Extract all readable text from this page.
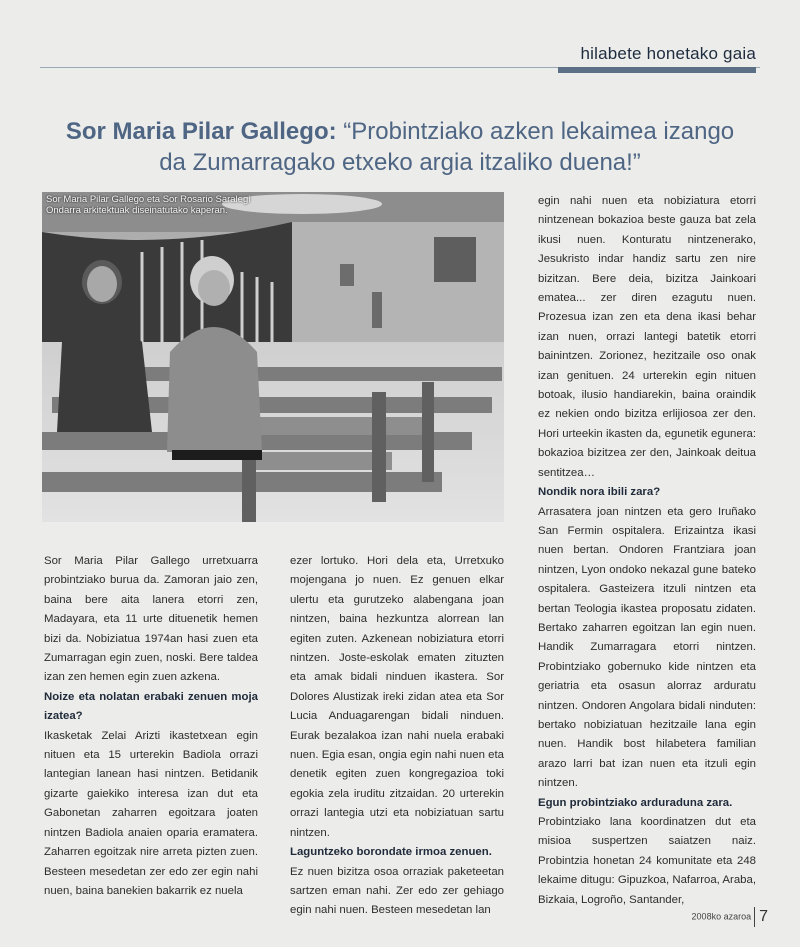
hilabete honetako gaia
Sor Maria Pilar Gallego: “Probintziako azken lekaimea izango
da Zumarragako etxeko argia itzaliko duena!”
Sor Maria Pilar Gallego eta Sor Rosario Saralegi
Ondarra arkitektuak diseinatutako kaperan.

Sor Maria Pilar Gallego urretxuarra probintziako burua da. Zamoran jaio zen, baina bere aita lanera etorri zen, Madayara, eta 11 urte dituenetik hemen bizi da. Nobiziatua 1974an hasi zuen eta Zumarragan egin zuen, noski. Bere taldea izan zen hemen egin zuen azkena.

Noize eta nolatan erabaki zenuen moja izatea?

Ikasketak Zelai Arizti ikastetxean egin nituen eta 15 urterekin Badiola orrazi lantegian lanean hasi nintzen. Betidanik gizarte gaiekiko interesa izan dut eta Gabonetan zaharren egoitzara joaten nintzen Badiola anaien oparia eramatera. Zaharren egoitzak nire arreta pizten zuen. Besteen mesedetan zer edo zer egin nahi nuen, baina banekien bakarrik ez nuela

ezer lortuko. Hori dela eta, Urretxuko mojengana jo nuen. Ez genuen elkar ulertu eta gurutzeko alabengana joan nintzen, baina hezkuntza alorrean lan egiten zuten. Azkenean nobiziatura etorri nintzen. Joste-eskolak ematen zituzten eta amak bidali ninduen ikastera. Sor Dolores Alustizak ireki zidan atea eta Sor Lucia Anduagarengan bidali ninduen. Eurak bezalakoa izan nahi nuela erabaki nuen. Egia esan, ongia egin nahi nuen eta denetik egiten zuen kongregazioa toki egokia zela iruditu zitzaidan. 20 urterekin orrazi lantegia utzi eta nobiziatuan sartu nintzen.

Laguntzeko borondate irmoa zenuen.

Ez nuen bizitza osoa orraziak paketeetan sartzen eman nahi. Zer edo zer gehiago egin nahi nuen. Besteen mesedetan lan

egin nahi nuen eta nobiziatura etorri nintzenean bokazioa beste gauza bat zela ikusi nuen. Konturatu nintzenerako, Jesukristo indar handiz sartu zen nire bizitzan. Bere deia, bizitza Jainkoari ematea... zer diren ezagutu nuen. Prozesua izan zen eta dena ikasi behar izan nuen, orrazi lantegi batetik etorri bainintzen. Zorionez, hezitzaile oso onak izan genituen. 24 urterekin egin nituen botoak, ilusio handiarekin, baina oraindik ez nekien ondo bizitza erlijiosoa zer den. Hori urteekin ikasten da, egunetik egunera: bokazioa bizitzea zer den, Jainkoak deitua sentitzea…

Nondik nora ibili zara?

Arrasatera joan nintzen eta gero Iruñako San Fermin ospitalera. Erizaintza ikasi nuen bertan. Ondoren Frantziara joan nintzen, Lyon ondoko nekazal gune bateko ospitalera. Gasteizera itzuli nintzen eta bertan Teologia ikastea proposatu zidaten. Bertako zaharren egoitzan lan egin nuen. Handik Zumarragara etorri nintzen. Probintziako gobernuko kide nintzen eta geriatria eta osasun alorraz arduratu nintzen. Ondoren Angolara bidali ninduten: bertako nobiziatuan hezitzaile lana egin nuen. Handik bost hilabetera familian arazo larri bat izan nuen eta itzuli egin nintzen.

Egun probintziako arduraduna zara.

Probintziako lana koordinatzen dut eta misioa suspertzen saiatzen naiz. Probintzia honetan 24 komunitate eta 248 lekaime ditugu: Gipuzkoa, Nafarroa, Araba, Bizkaia, Logroño, Santander,

2008ko azaroa 7
